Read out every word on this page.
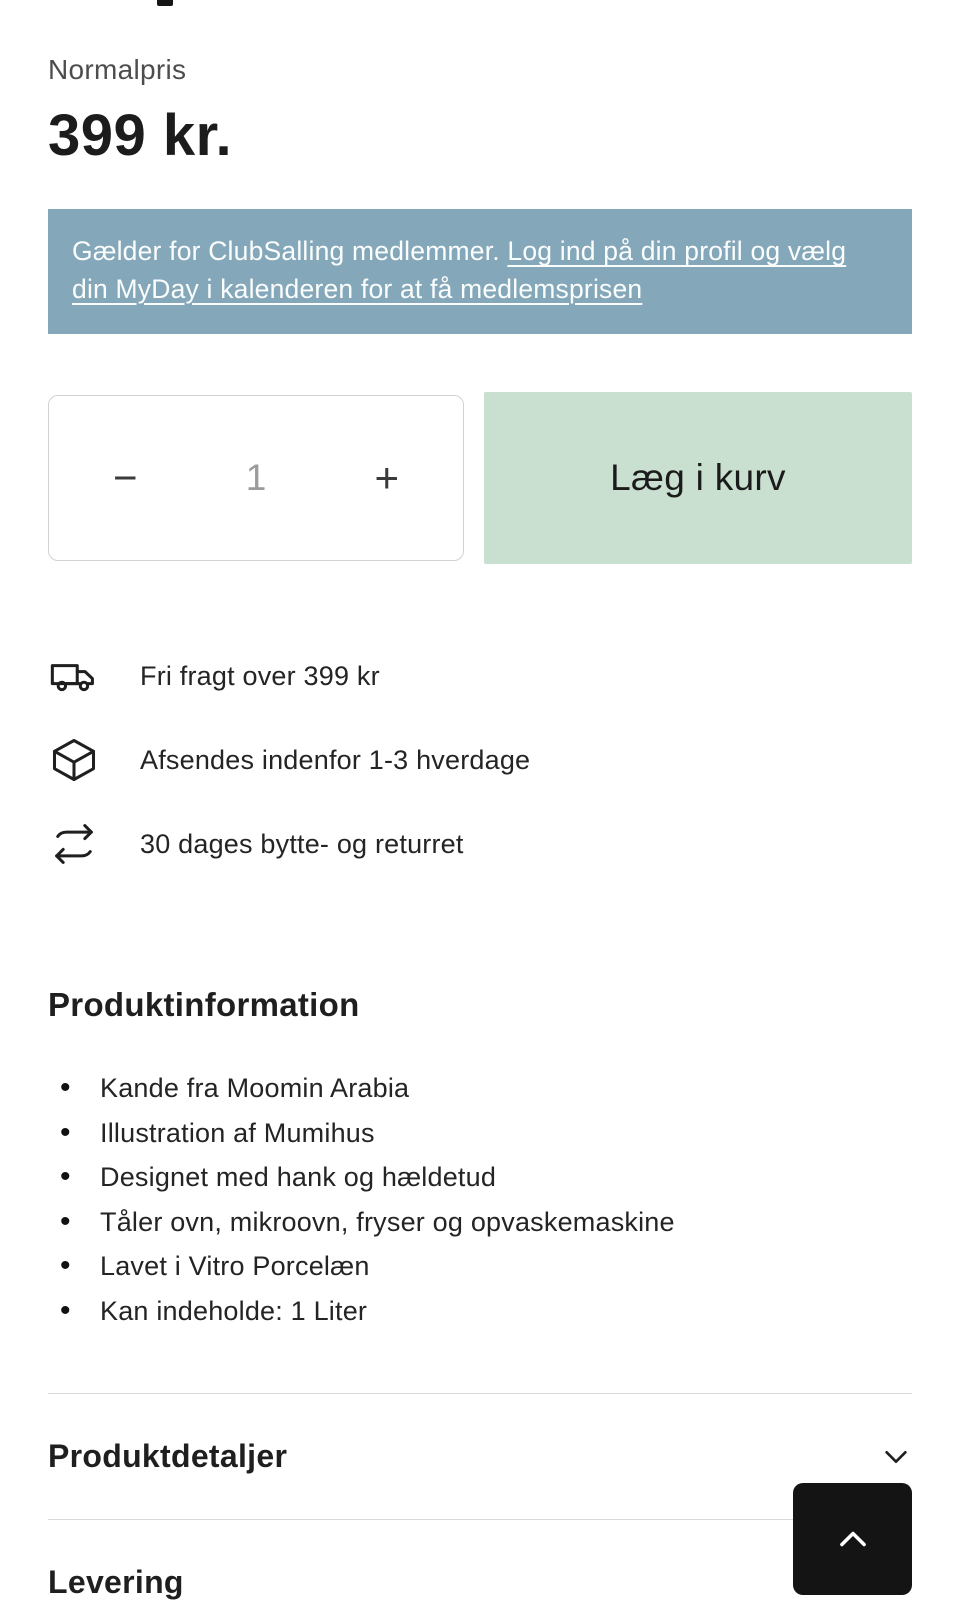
Normalpris
399 kr.
Gælder for ClubSalling medlemmer. Log ind på din profil og vælg din MyDay i kalenderen for at få medlemsprisen
−	1	+	Læg i kurv
Fri fragt over 399 kr
Afsendes indenfor 1-3 hverdage
30 dages bytte- og returret
Produktinformation
• Kande fra Moomin Arabia
• Illustration af Mumihus
• Designet med hank og hældetud
• Tåler ovn, mikroovn, fryser og opvaskemaskine
• Lavet i Vitro Porcelæn
• Kan indeholde: 1 Liter
Produktdetaljer
Levering
